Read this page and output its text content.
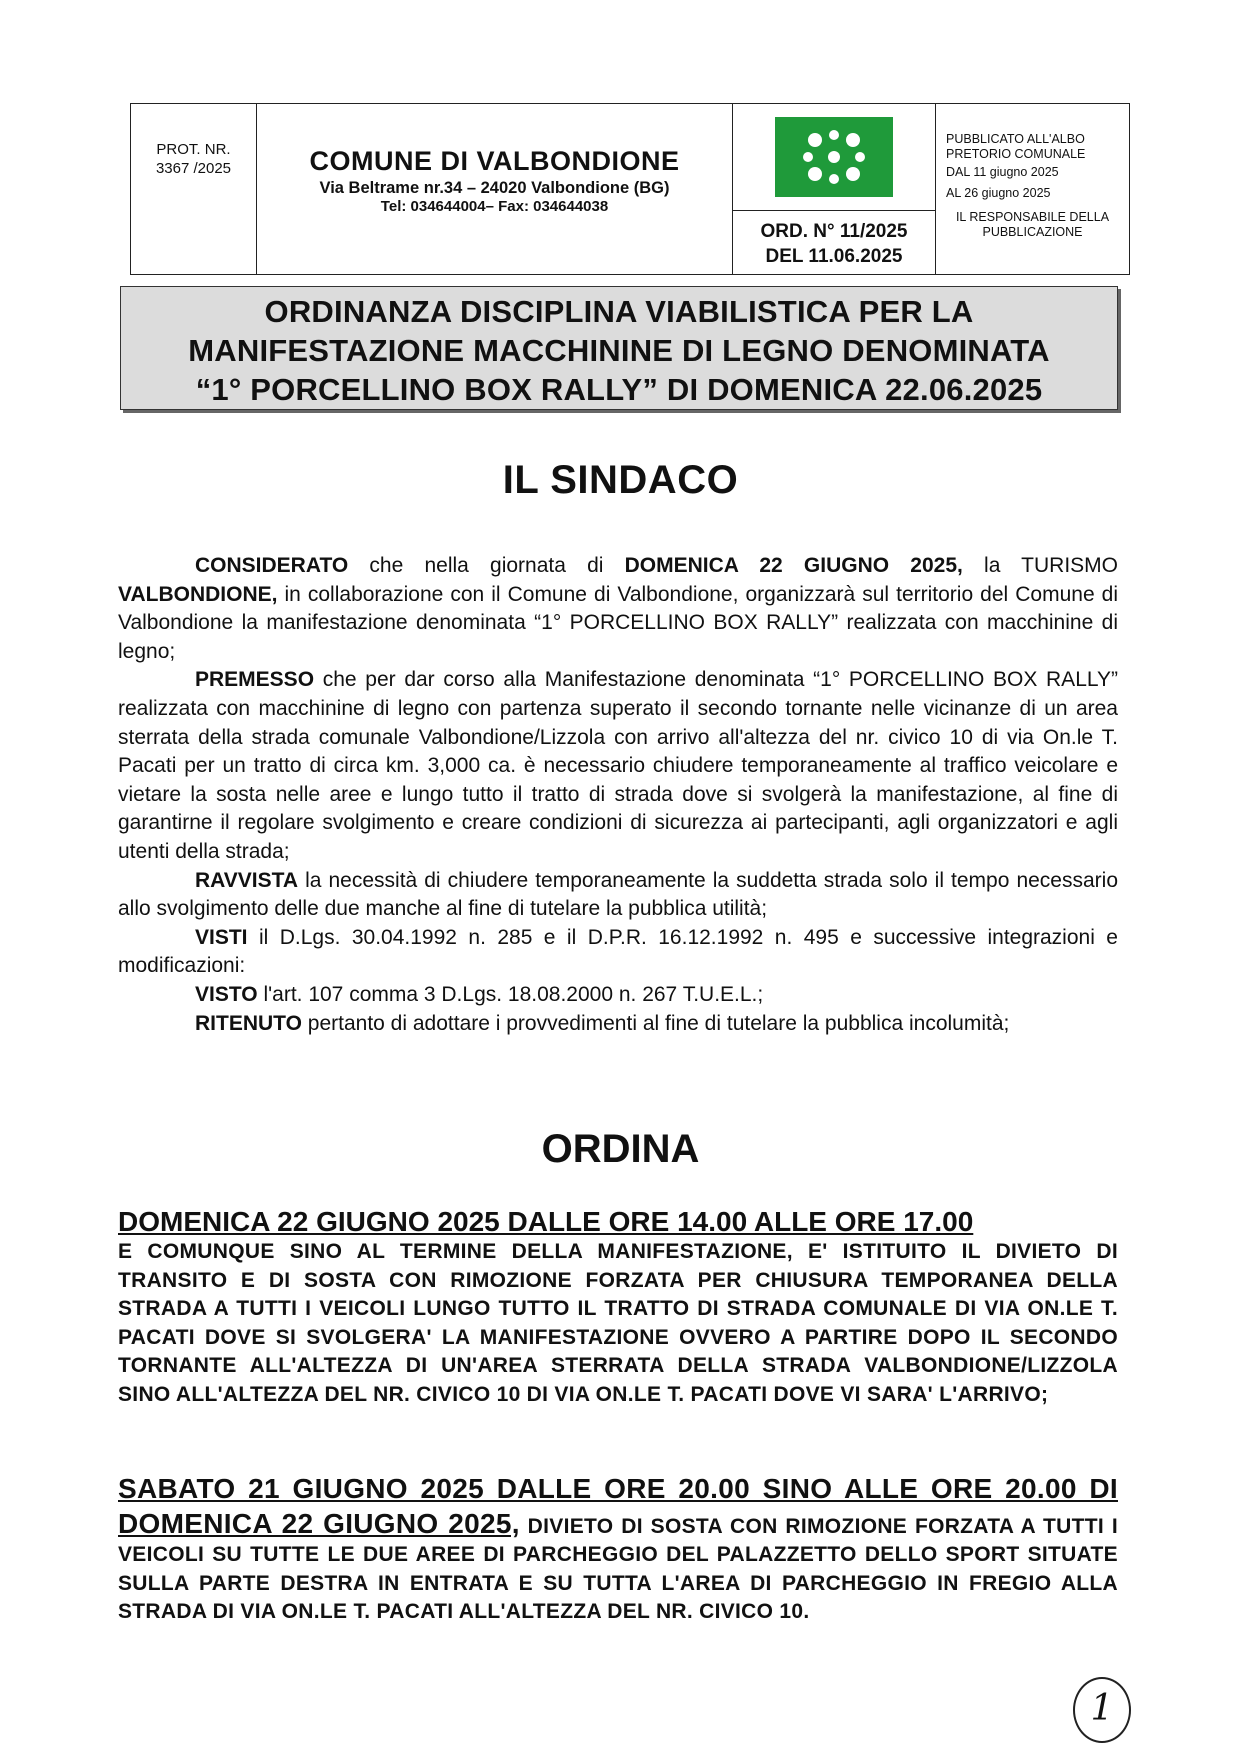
PROT. NR.
3367 /2025	COMUNE DI VALBONDIONE
Via Beltrame nr.34 – 24020 Valbondione (BG)
Tel: 034644004– Fax: 034644038
ORD. N° 11/2025
DEL 11.06.2025
PUBBLICATO ALL'ALBO
PRETORIO COMUNALE
DAL 11 giugno 2025
AL 26 giugno 2025
IL RESPONSABILE DELLA
PUBBLICAZIONE
ORDINANZA DISCIPLINA VIABILISTICA PER LA
MANIFESTAZIONE MACCHININE DI LEGNO DENOMINATA
“1° PORCELLINO BOX RALLY” DI DOMENICA 22.06.2025
IL SINDACO

CONSIDERATO che nella giornata di DOMENICA 22 GIUGNO 2025, la TURISMO VALBONDIONE, in collaborazione con il Comune di Valbondione, organizzarà sul territorio del Comune di Valbondione la manifestazione denominata “1° PORCELLINO BOX RALLY” realizzata con macchinine di legno;

PREMESSO che per dar corso alla Manifestazione denominata “1° PORCELLINO BOX RALLY” realizzata con macchinine di legno con partenza superato il secondo tornante nelle vicinanze di un area sterrata della strada comunale Valbondione/Lizzola con arrivo all'altezza del nr. civico 10 di via On.le T. Pacati per un tratto di circa km. 3,000 ca. è necessario chiudere temporaneamente al traffico veicolare e vietare la sosta nelle aree e lungo tutto il tratto di strada dove si svolgerà la manifestazione, al fine di garantirne il regolare svolgimento e creare condizioni di sicurezza ai partecipanti, agli organizzatori e agli utenti della strada;

RAVVISTA la necessità di chiudere temporaneamente la suddetta strada solo il tempo necessario allo svolgimento delle due manche al fine di tutelare la pubblica utilità;

VISTI il D.Lgs. 30.04.1992 n. 285 e il D.P.R. 16.12.1992 n. 495 e successive integrazioni e modificazioni:

VISTO l'art. 107 comma 3 D.Lgs. 18.08.2000 n. 267 T.U.E.L.;

RITENUTO pertanto di adottare i provvedimenti al fine di tutelare la pubblica incolumità;

ORDINA
DOMENICA 22 GIUGNO 2025 DALLE ORE 14.00 ALLE ORE 17.00
E COMUNQUE SINO AL TERMINE DELLA MANIFESTAZIONE, E' ISTITUITO IL DIVIETO DI TRANSITO E DI SOSTA CON RIMOZIONE FORZATA PER CHIUSURA TEMPORANEA DELLA STRADA A TUTTI I VEICOLI LUNGO TUTTO IL TRATTO DI STRADA COMUNALE DI VIA ON.LE T. PACATI DOVE SI SVOLGERA' LA MANIFESTAZIONE OVVERO A PARTIRE DOPO IL SECONDO TORNANTE ALL'ALTEZZA DI UN'AREA STERRATA DELLA STRADA VALBONDIONE/LIZZOLA SINO ALL'ALTEZZA DEL NR. CIVICO 10 DI VIA ON.LE T. PACATI DOVE VI SARA' L'ARRIVO;
SABATO 21 GIUGNO 2025 DALLE ORE 20.00 SINO ALLE ORE 20.00 DI DOMENICA 22 GIUGNO 2025, DIVIETO DI SOSTA CON RIMOZIONE FORZATA A TUTTI I VEICOLI SU TUTTE LE DUE AREE DI PARCHEGGIO DEL PALAZZETTO DELLO SPORT SITUATE SULLA PARTE DESTRA IN ENTRATA E SU TUTTA L'AREA DI PARCHEGGIO IN FREGIO ALLA STRADA DI VIA ON.LE T. PACATI ALL'ALTEZZA DEL NR. CIVICO 10.
1
